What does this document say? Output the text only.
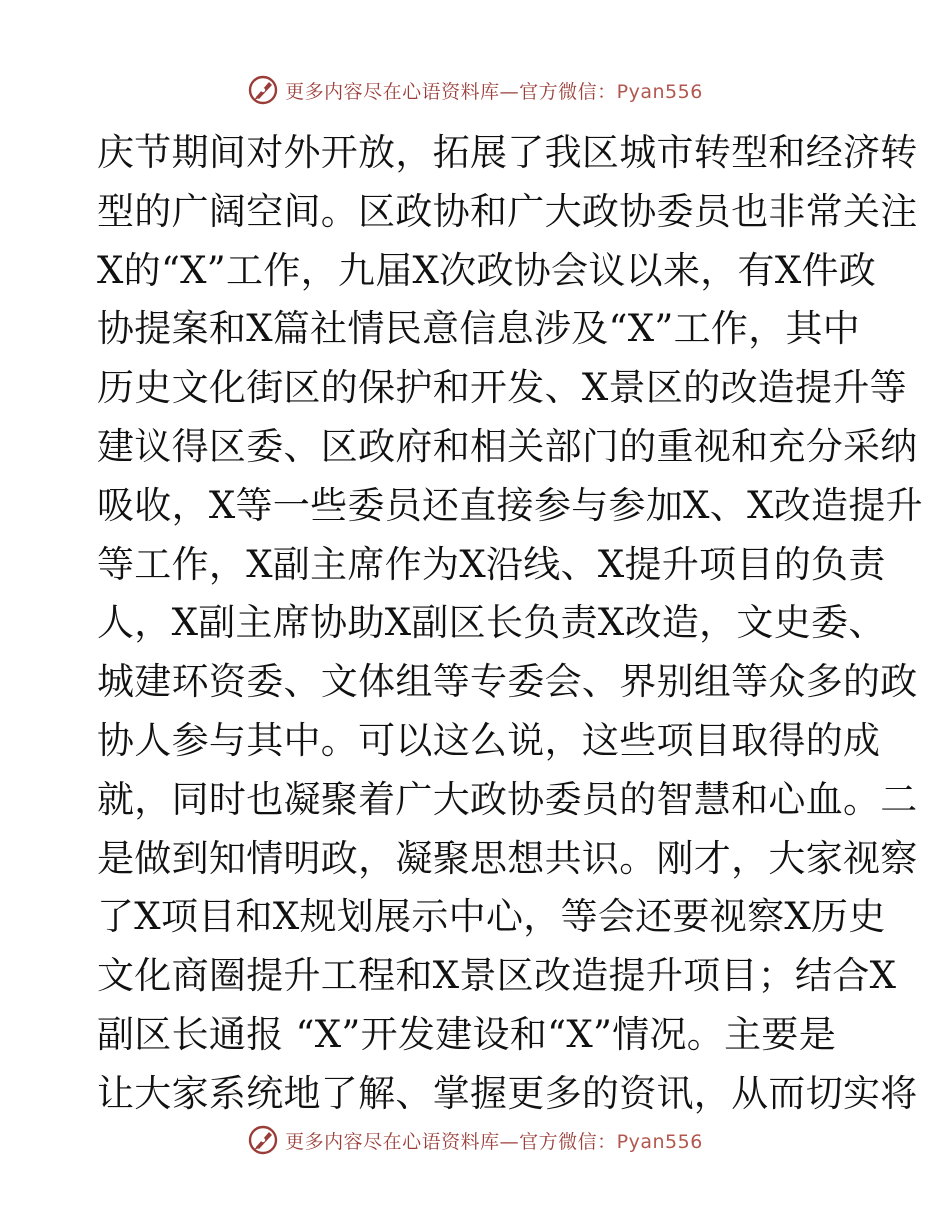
更多内容尽在心语资料库—官方微信：Pyan556
庆节期间对外开放，拓展了我区城市转型和经济转
型的广阔空间。区政协和广大政协委员也非常关注
X的“X”工作，九届X次政协会议以来，有X件政
协提案和X篇社情民意信息涉及“X”工作，其中
历史文化街区的保护和开发、X景区的改造提升等
建议得区委、区政府和相关部门的重视和充分采纳
吸收，X等一些委员还直接参与参加X、X改造提升
等工作，X副主席作为X沿线、X提升项目的负责
人，X副主席协助X副区长负责X改造，文史委、
城建环资委、文体组等专委会、界别组等众多的政
协人参与其中。可以这么说，这些项目取得的成
就，同时也凝聚着广大政协委员的智慧和心血。二
是做到知情明政，凝聚思想共识。刚才，大家视察
了X项目和X规划展示中心，等会还要视察X历史
文化商圈提升工程和X景区改造提升项目；结合X
副区长通报 “X”开发建设和“X”情况。主要是
让大家系统地了解、掌握更多的资讯，从而切实将
更多内容尽在心语资料库—官方微信：Pyan556
